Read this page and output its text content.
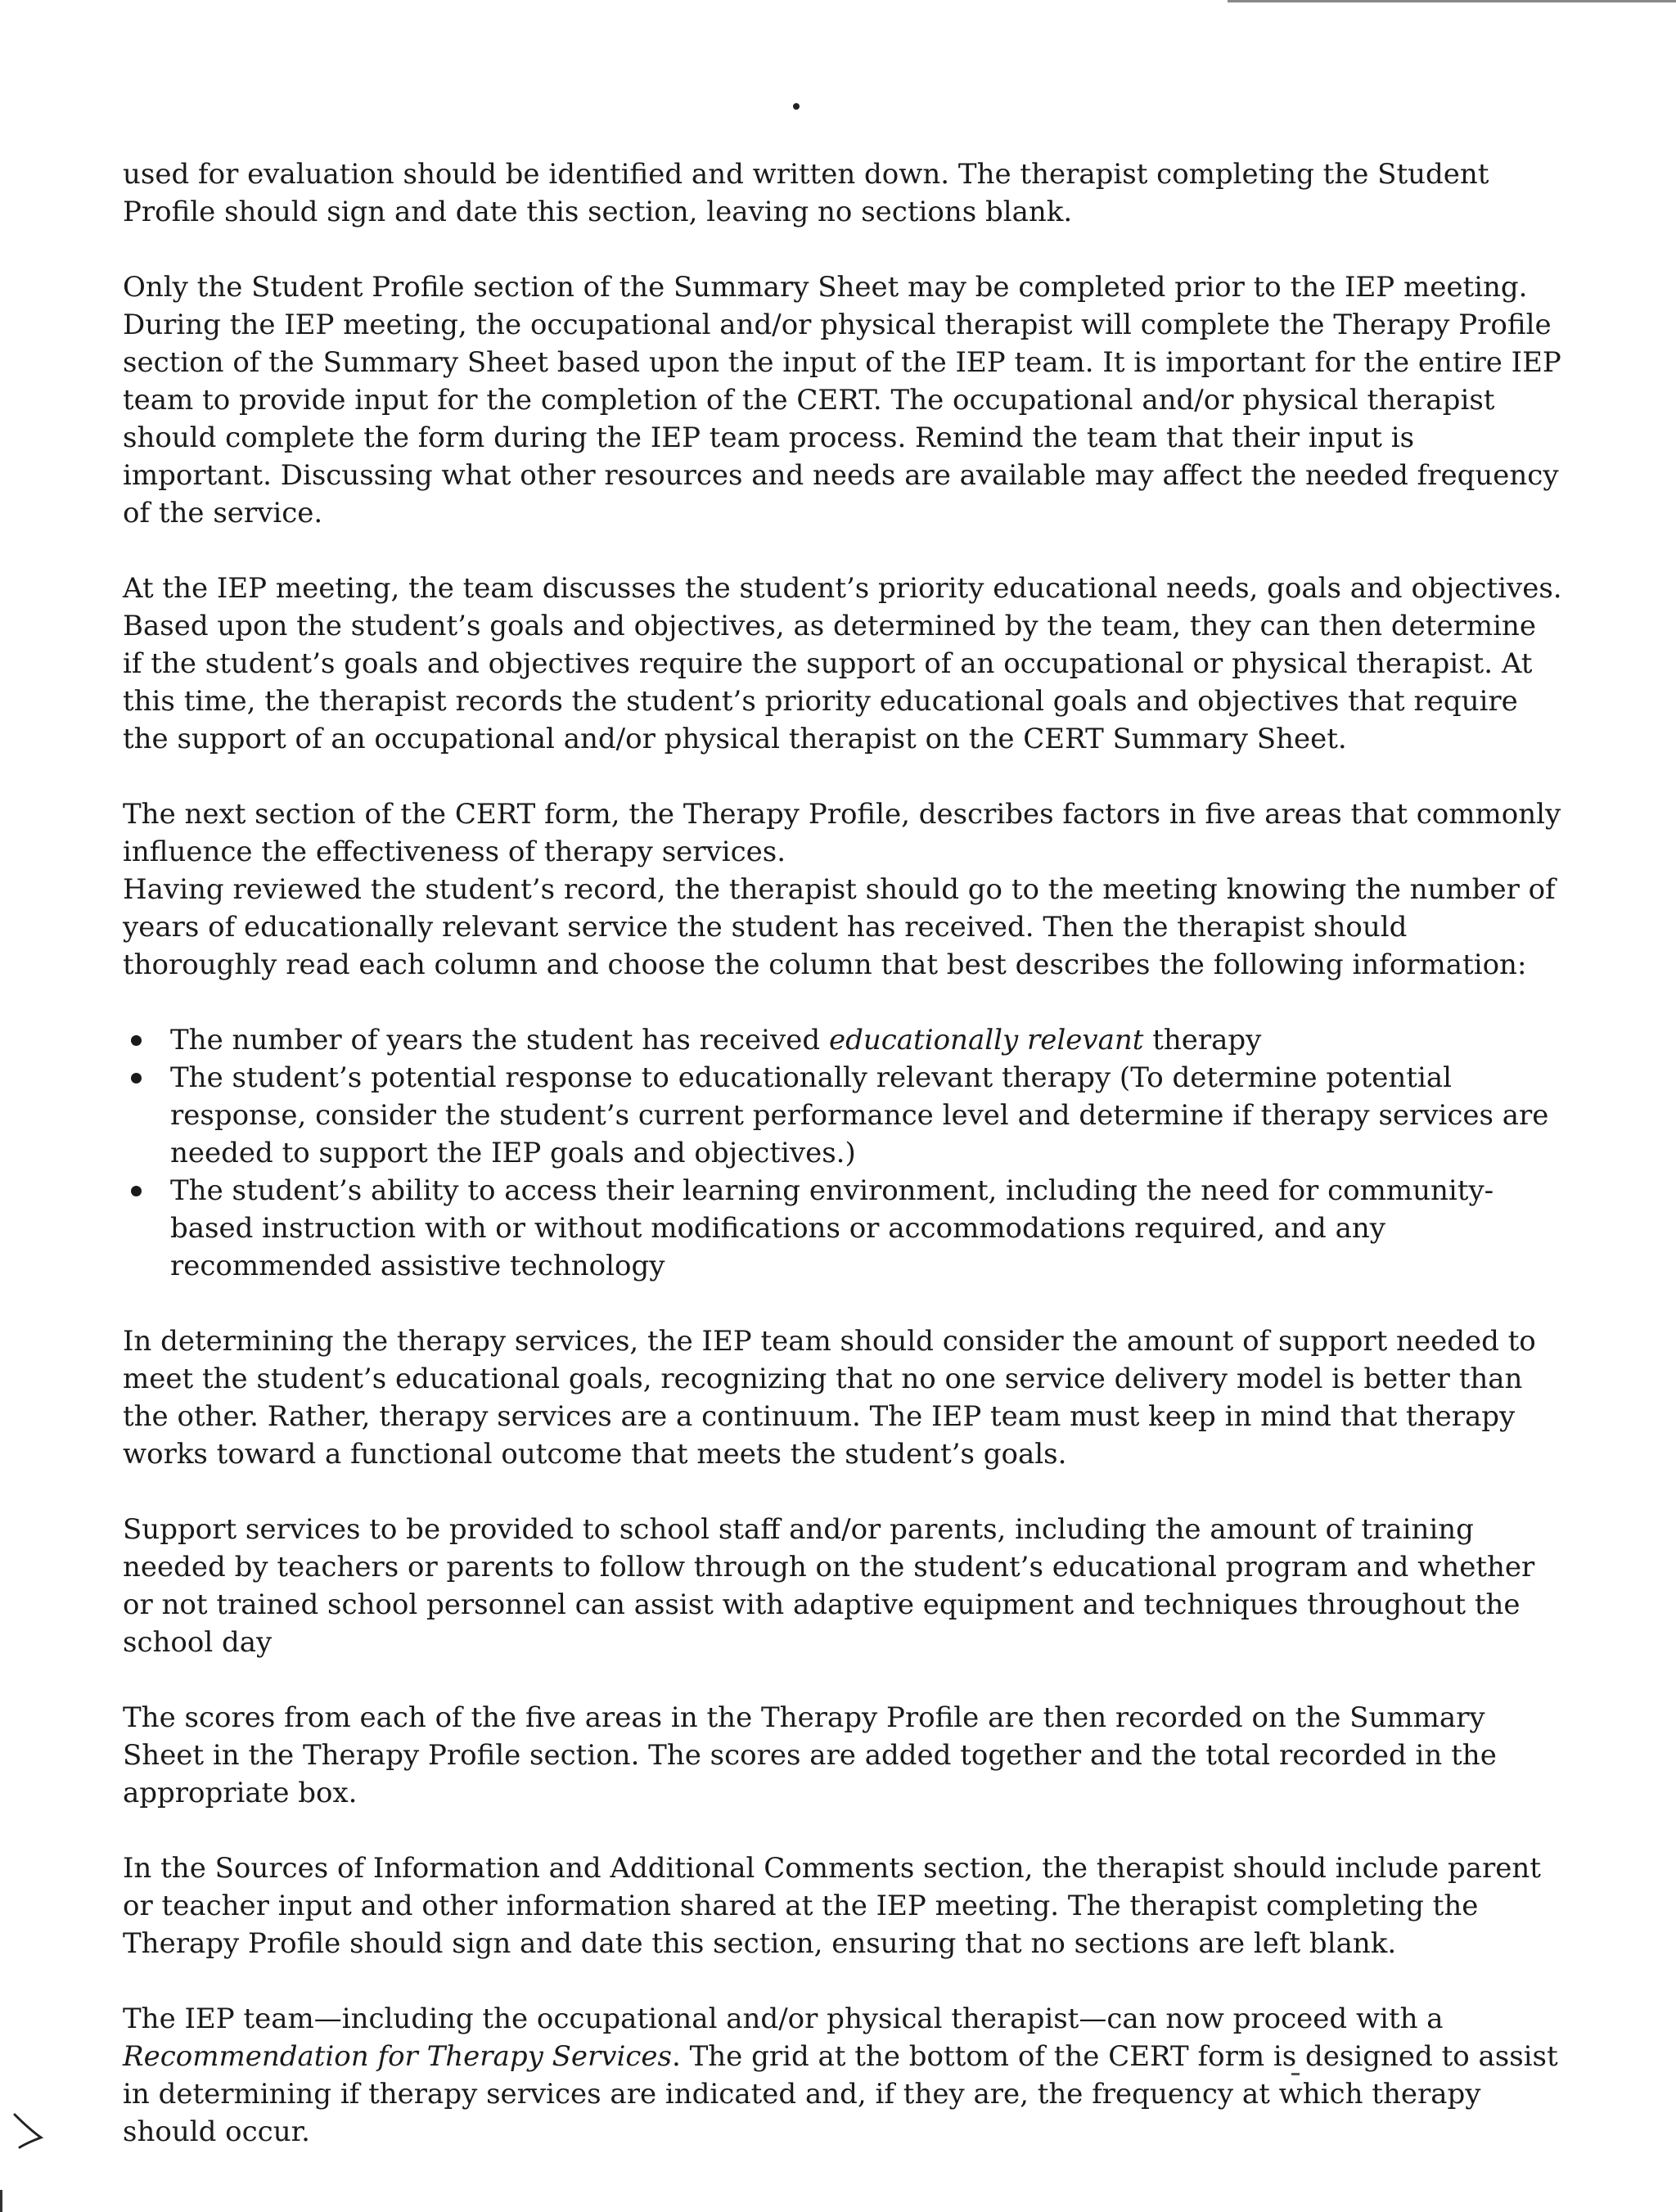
used for evaluation should be identified and written down. The therapist completing the Student Profile should sign and date this section, leaving no sections blank.

Only the Student Profile section of the Summary Sheet may be completed prior to the IEP meeting. During the IEP meeting, the occupational and/or physical therapist will complete the Therapy Profile section of the Summary Sheet based upon the input of the IEP team. It is important for the entire IEP team to provide input for the completion of the CERT. The occupational and/or physical therapist should complete the form during the IEP team process. Remind the team that their input is important. Discussing what other resources and needs are available may affect the needed frequency of the service.

At the IEP meeting, the team discusses the student’s priority educational needs, goals and objectives. Based upon the student’s goals and objectives, as determined by the team, they can then determine if the student’s goals and objectives require the support of an occupational or physical therapist. At this time, the therapist records the student’s priority educational goals and objectives that require the support of an occupational and/or physical therapist on the CERT Summary Sheet.

The next section of the CERT form, the Therapy Profile, describes factors in five areas that commonly influence the effectiveness of therapy services.

Having reviewed the student’s record, the therapist should go to the meeting knowing the number of years of educationally relevant service the student has received. Then the therapist should thoroughly read each column and choose the column that best describes the following information:

The number of years the student has received educationally relevant therapy
The student’s potential response to educationally relevant therapy (To determine potential response, consider the student’s current performance level and determine if therapy services are needed to support the IEP goals and objectives.)
The student’s ability to access their learning environment, including the need for community-based instruction with or without modifications or accommodations required, and any recommended assistive technology

In determining the therapy services, the IEP team should consider the amount of support needed to meet the student’s educational goals, recognizing that no one service delivery model is better than the other. Rather, therapy services are a continuum. The IEP team must keep in mind that therapy works toward a functional outcome that meets the student’s goals.

Support services to be provided to school staff and/or parents, including the amount of training needed by teachers or parents to follow through on the student’s educational program and whether or not trained school personnel can assist with adaptive equipment and techniques throughout the school day

The scores from each of the five areas in the Therapy Profile are then recorded on the Summary Sheet in the Therapy Profile section. The scores are added together and the total recorded in the appropriate box.

In the Sources of Information and Additional Comments section, the therapist should include parent or teacher input and other information shared at the IEP meeting. The therapist completing the Therapy Profile should sign and date this section, ensuring that no sections are left blank.

The IEP team—including the occupational and/or physical therapist—can now proceed with a Recommendation for Therapy Services. The grid at the bottom of the CERT form is designed to assist in determining if therapy services are indicated and, if they are, the frequency at which therapy should occur.
